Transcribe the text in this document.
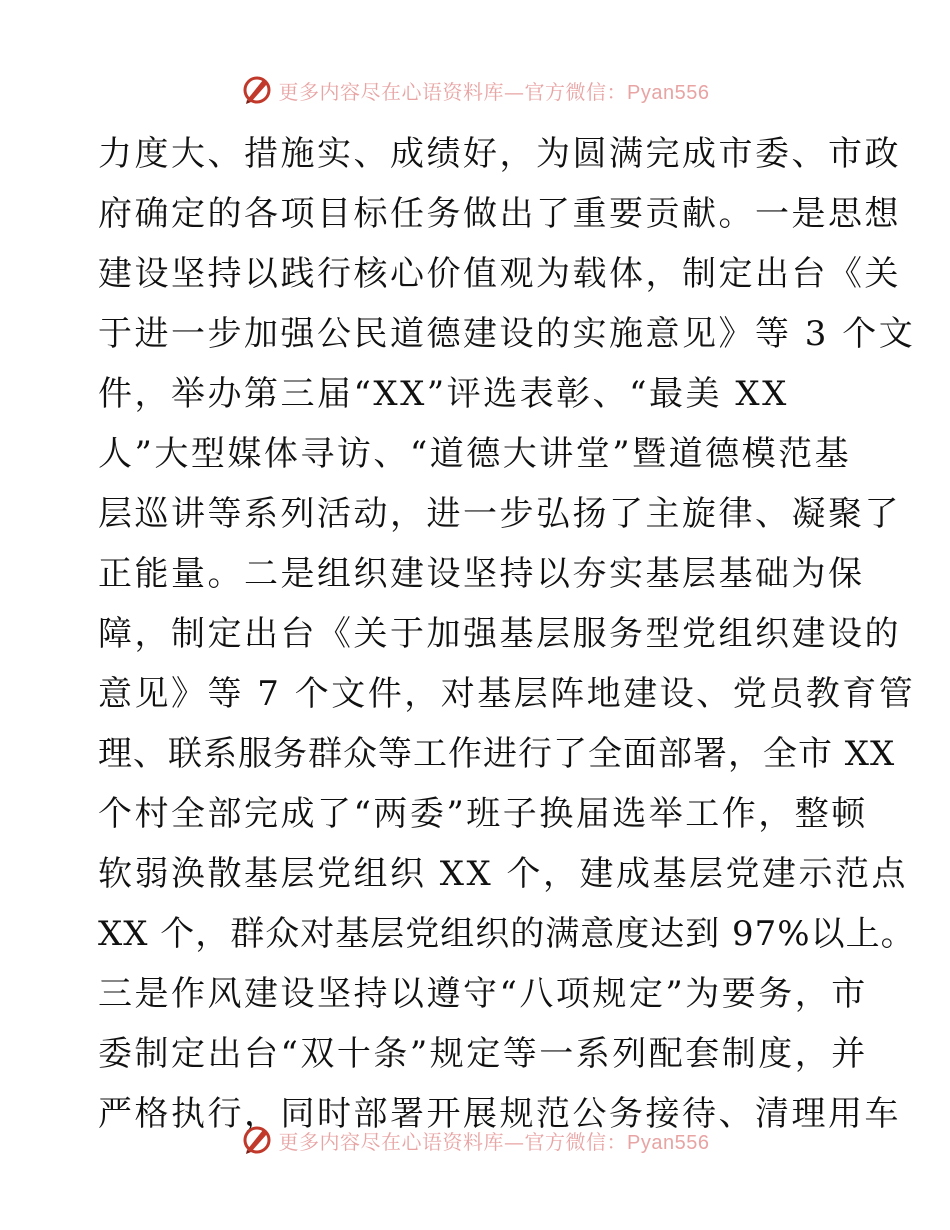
更多内容尽在心语资料库—官方微信：Pyan556
力度大、措施实、成绩好，为圆满完成市委、市政
府确定的各项目标任务做出了重要贡献。一是思想
建设坚持以践行核心价值观为载体，制定出台《关
于进一步加强公民道德建设的实施意见》等 3 个文
件，举办第三届“XX”评选表彰、“最美 XX
人”大型媒体寻访、“道德大讲堂”暨道德模范基
层巡讲等系列活动，进一步弘扬了主旋律、凝聚了
正能量。二是组织建设坚持以夯实基层基础为保
障，制定出台《关于加强基层服务型党组织建设的
意见》等 7 个文件，对基层阵地建设、党员教育管
理、联系服务群众等工作进行了全面部署，全市 XX
个村全部完成了“两委”班子换届选举工作，整顿
软弱涣散基层党组织 XX 个，建成基层党建示范点
XX 个，群众对基层党组织的满意度达到 97%以上。
三是作风建设坚持以遵守“八项规定”为要务，市
委制定出台“双十条”规定等一系列配套制度，并
严格执行，同时部署开展规范公务接待、清理用车
更多内容尽在心语资料库—官方微信：Pyan556
